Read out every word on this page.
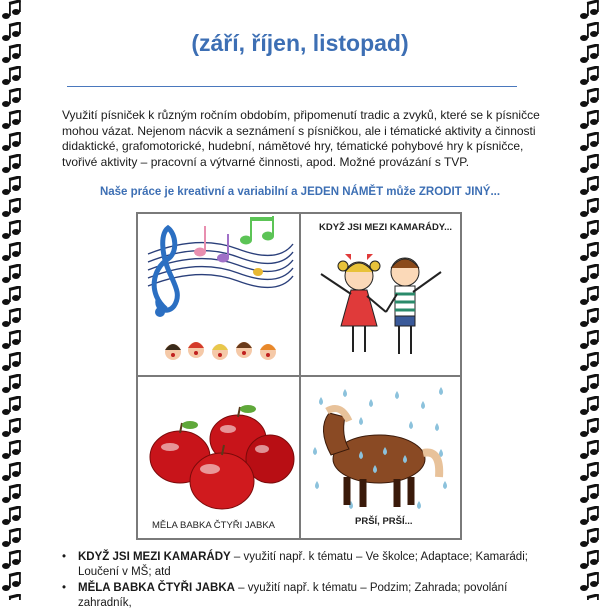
(září, říjen, listopad)

Využití písniček k různým ročním obdobím, připomenutí tradic a zvyků, které se k písničce mohou vázat. Nejenom nácvik a seznámení s písničkou, ale i tématické aktivity a činnosti didaktické, grafomotorické, hudební, námětové hry, tématické pohybové hry k písničce, tvořivé aktivity – pracovní a výtvarné činnosti, apod. Možné provázání s TVP.

Naše práce je kreativní a variabilní a JEDEN NÁMĚT může ZRODIT JINÝ...
KDYŽ JSI MEZI KAMARÁDY...
MĚLA BABKA ČTYŘI JABKA	PRŠÍ, PRŠÍ...
• KDYŽ JSI MEZI KAMARÁDY – využití např. k tématu – Ve školce; Adaptace; Kamarádi; Loučení v MŠ; atd
• MĚLA BABKA ČTYŘI JABKA – využití např. k tématu – Podzim; Zahrada; povolání zahradník,
